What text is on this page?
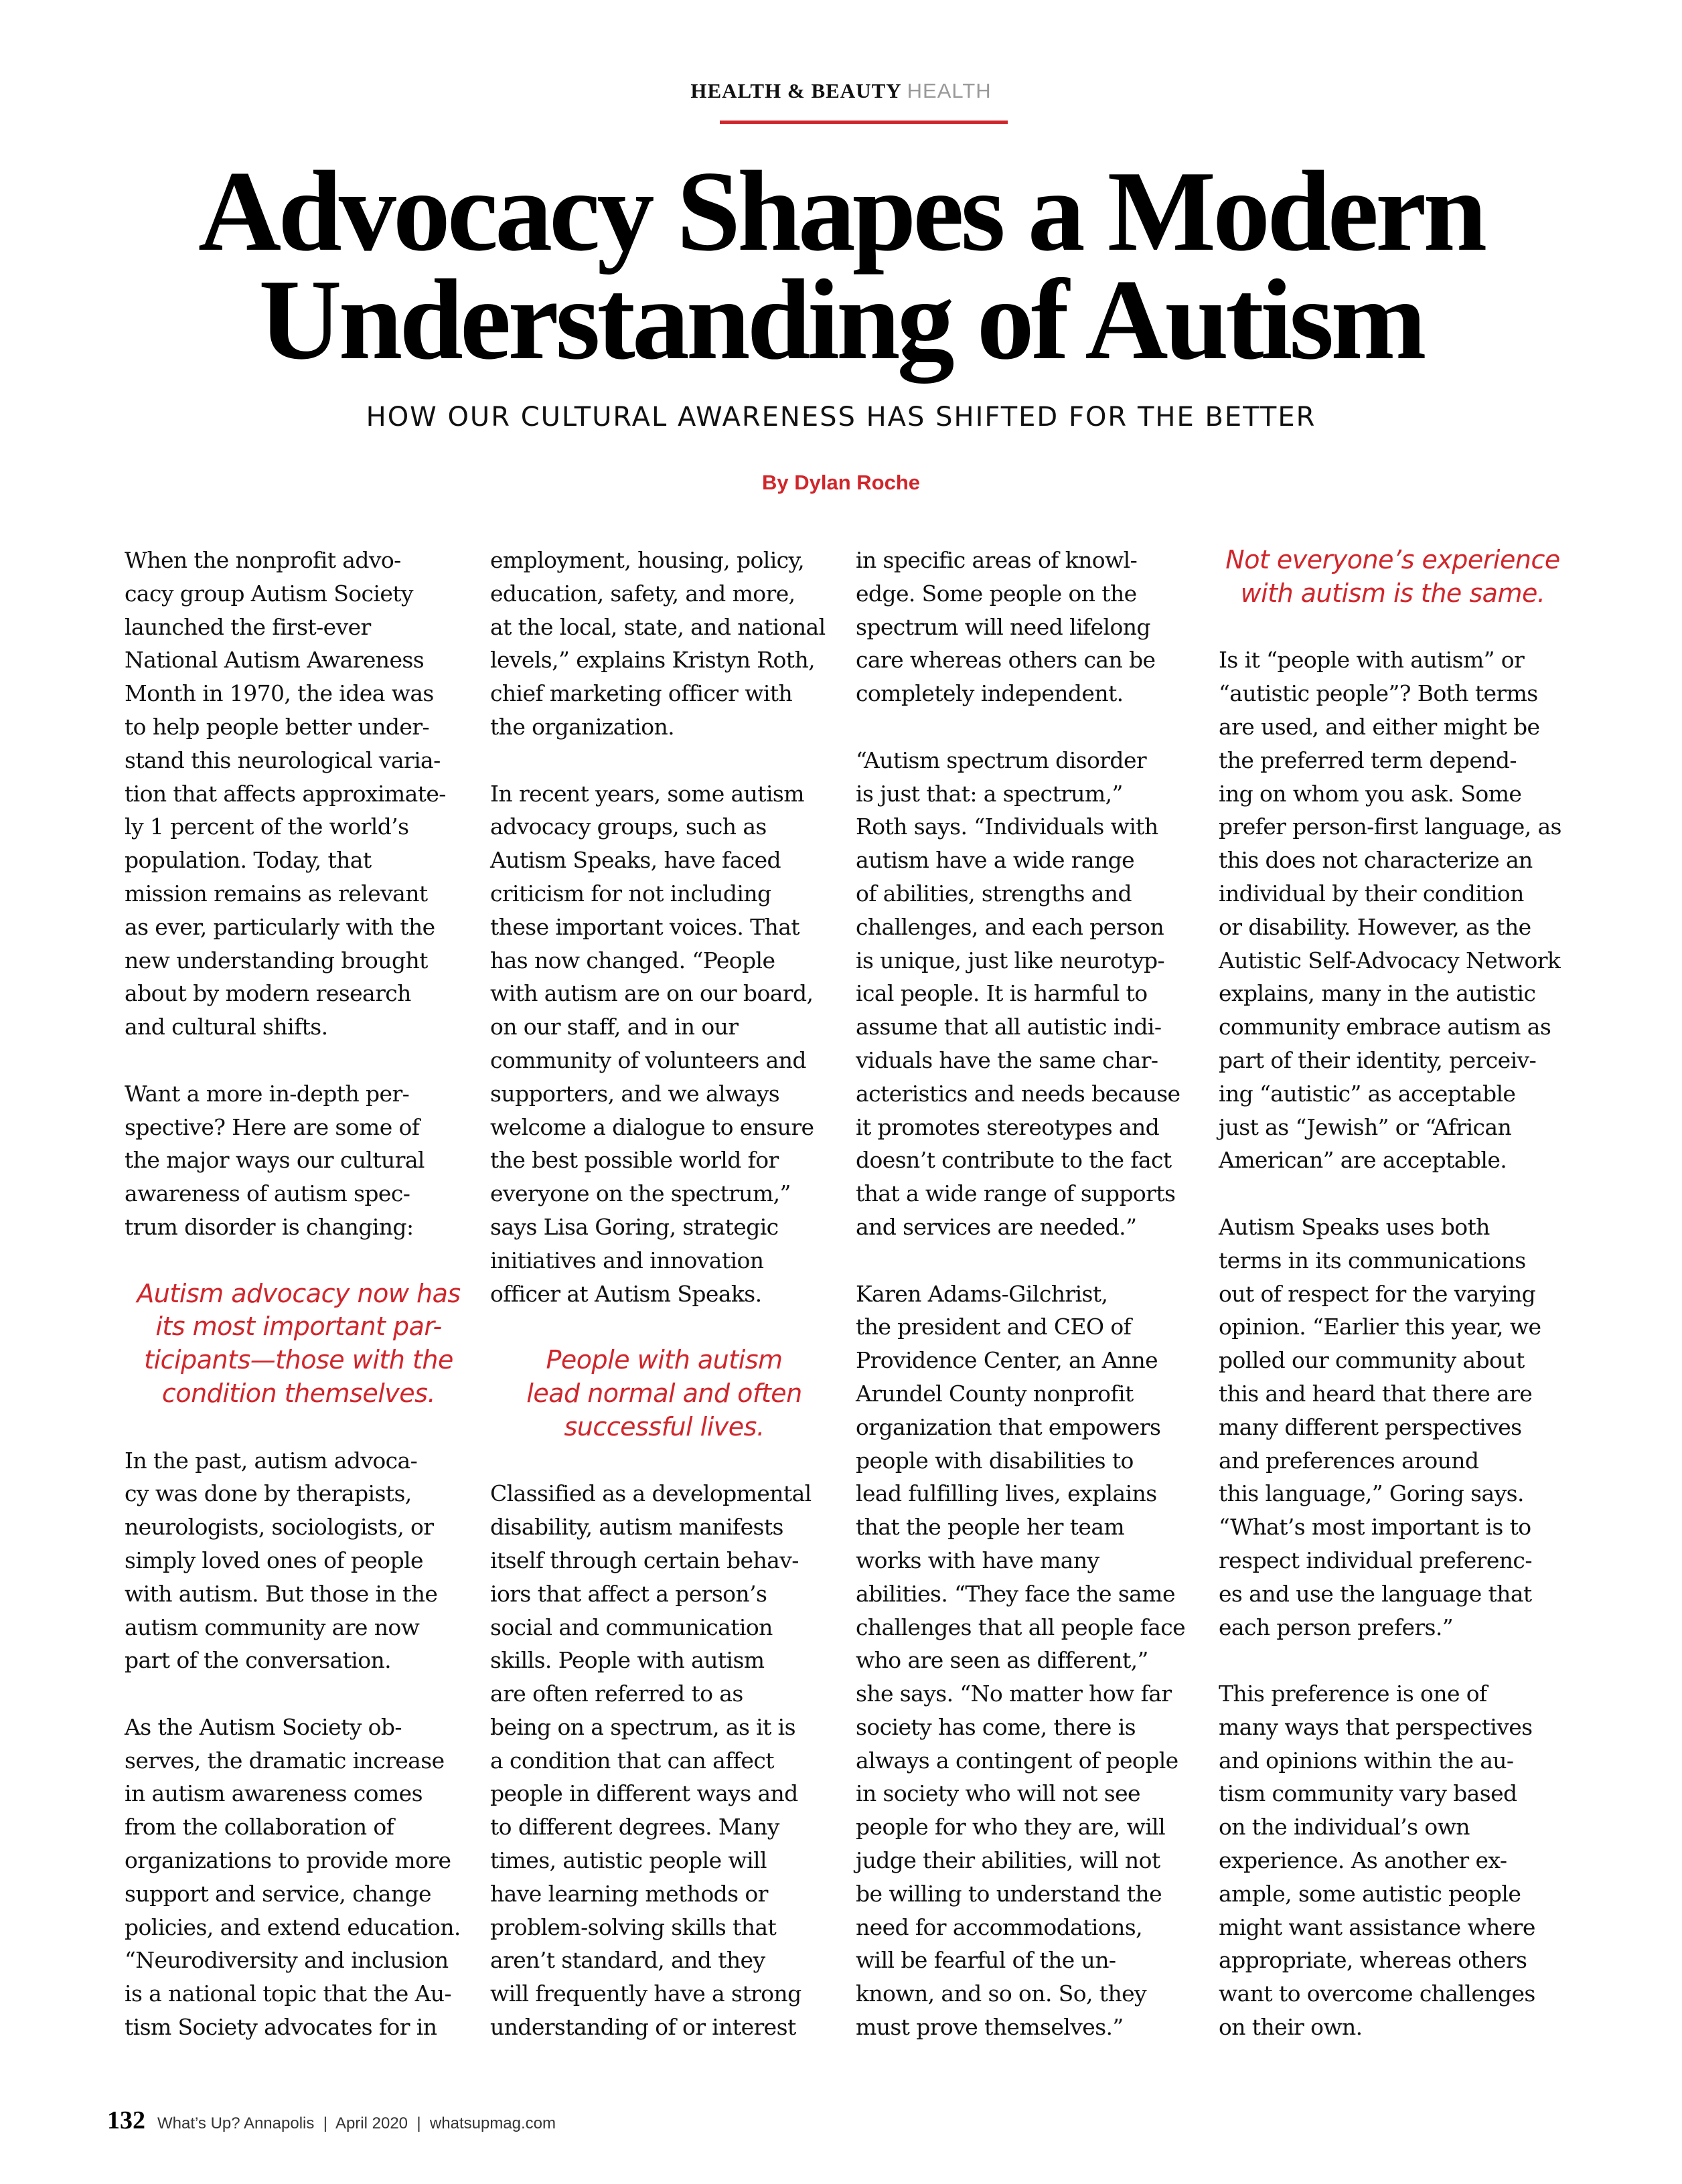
HEALTH & BEAUTY HEALTH
Advocacy Shapes a Modern
Understanding of Autism
HOW OUR CULTURAL AWARENESS HAS SHIFTED FOR THE BETTER
By Dylan Roche

When the nonprofit advo-
cacy group Autism Society
launched the first-ever
National Autism Awareness
Month in 1970, the idea was
to help people better under-
stand this neurological varia-
tion that affects approximate-
ly 1 percent of the world’s
population. Today, that
mission remains as relevant
as ever, particularly with the
new understanding brought
about by modern research
and cultural shifts.

Want a more in-depth per-
spective? Here are some of
the major ways our cultural
awareness of autism spec-
trum disorder is changing:

Autism advocacy now has
its most important par-
ticipants—those with the
condition themselves.

In the past, autism advoca-
cy was done by therapists,
neurologists, sociologists, or
simply loved ones of people
with autism. But those in the
autism community are now
part of the conversation.

As the Autism Society ob-
serves, the dramatic increase
in autism awareness comes
from the collaboration of
organizations to provide more
support and service, change
policies, and extend education.
“Neurodiversity and inclusion
is a national topic that the Au-
tism Society advocates for in

employment, housing, policy,
education, safety, and more,
at the local, state, and national
levels,” explains Kristyn Roth,
chief marketing officer with
the organization.

In recent years, some autism
advocacy groups, such as
Autism Speaks, have faced
criticism for not including
these important voices. That
has now changed. “People
with autism are on our board,
on our staff, and in our
community of volunteers and
supporters, and we always
welcome a dialogue to ensure
the best possible world for
everyone on the spectrum,”
says Lisa Goring, strategic
initiatives and innovation
officer at Autism Speaks.

People with autism
lead normal and often
successful lives.

Classified as a developmental
disability, autism manifests
itself through certain behav-
iors that affect a person’s
social and communication
skills. People with autism
are often referred to as
being on a spectrum, as it is
a condition that can affect
people in different ways and
to different degrees. Many
times, autistic people will
have learning methods or
problem-solving skills that
aren’t standard, and they
will frequently have a strong
understanding of or interest

in specific areas of knowl-
edge. Some people on the
spectrum will need lifelong
care whereas others can be
completely independent.

“Autism spectrum disorder
is just that: a spectrum,”
Roth says. “Individuals with
autism have a wide range
of abilities, strengths and
challenges, and each person
is unique, just like neurotyp-
ical people. It is harmful to
assume that all autistic indi-
viduals have the same char-
acteristics and needs because
it promotes stereotypes and
doesn’t contribute to the fact
that a wide range of supports
and services are needed.”

Karen Adams-Gilchrist,
the president and CEO of
Providence Center, an Anne
Arundel County nonprofit
organization that empowers
people with disabilities to
lead fulfilling lives, explains
that the people her team
works with have many
abilities. “They face the same
challenges that all people face
who are seen as different,”
she says. “No matter how far
society has come, there is
always a contingent of people
in society who will not see
people for who they are, will
judge their abilities, will not
be willing to understand the
need for accommodations,
will be fearful of the un-
known, and so on. So, they
must prove themselves.”

Not everyone’s experience
with autism is the same.

Is it “people with autism” or
“autistic people”? Both terms
are used, and either might be
the preferred term depend-
ing on whom you ask. Some
prefer person-first language, as
this does not characterize an
individual by their condition
or disability. However, as the
Autistic Self-Advocacy Network
explains, many in the autistic
community embrace autism as
part of their identity, perceiv-
ing “autistic” as acceptable
just as “Jewish” or “African
American” are acceptable.

Autism Speaks uses both
terms in its communications
out of respect for the varying
opinion. “Earlier this year, we
polled our community about
this and heard that there are
many different perspectives
and preferences around
this language,” Goring says.
“What’s most important is to
respect individual preferenc-
es and use the language that
each person prefers.”

This preference is one of
many ways that perspectives
and opinions within the au-
tism community vary based
on the individual’s own
experience. As another ex-
ample, some autistic people
might want assistance where
appropriate, whereas others
want to overcome challenges
on their own.

132 What’s Up? Annapolis  |  April 2020  |  whatsupmag.com
